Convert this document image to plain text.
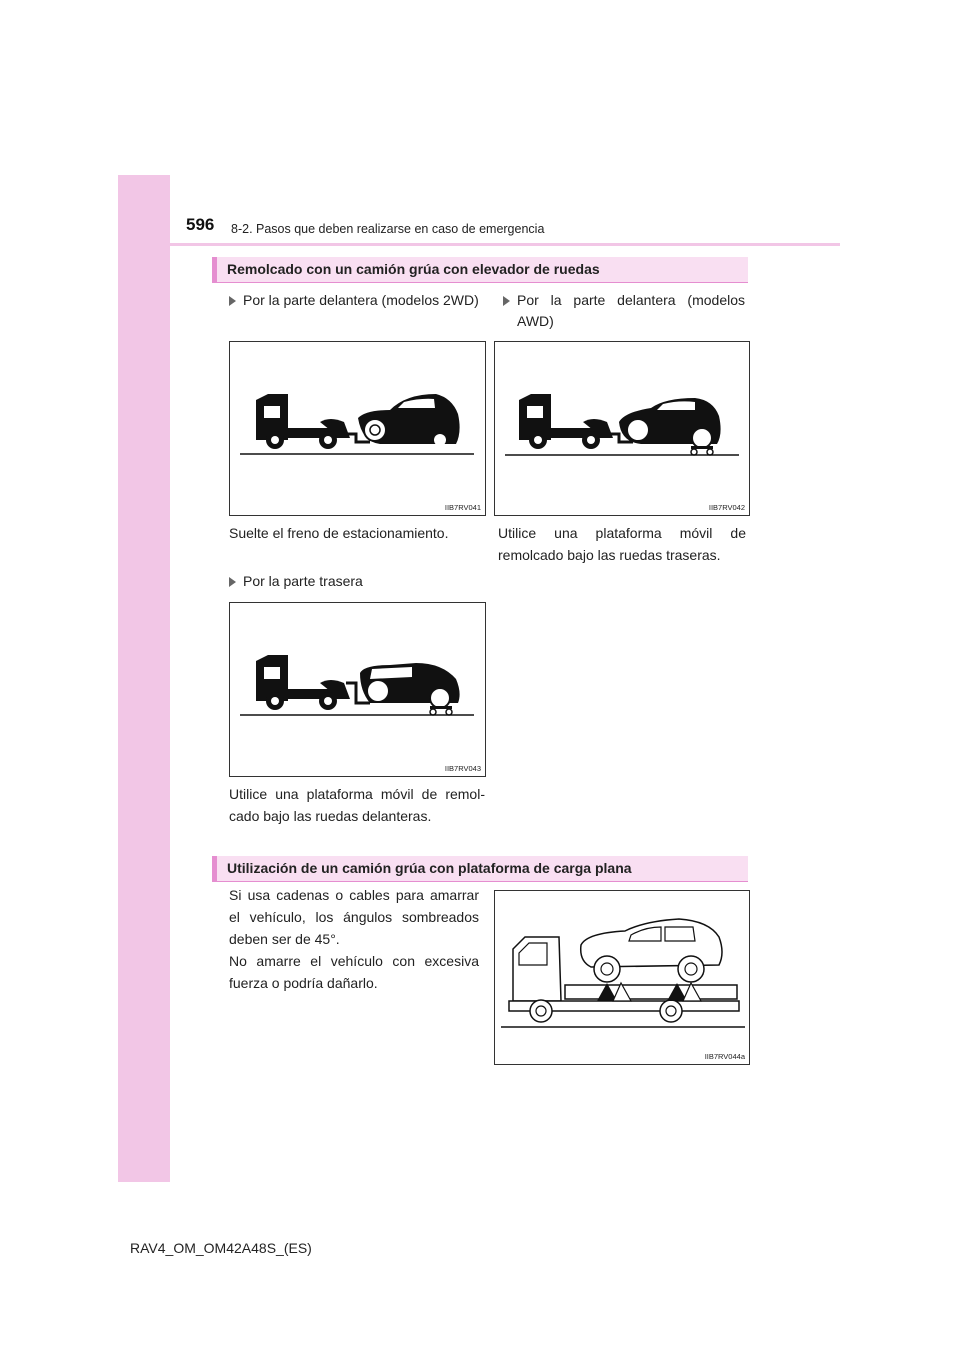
596 8-2. Pasos que deben realizarse en caso de emergencia
Remolcado con un camión grúa con elevador de ruedas
Por la parte delantera (modelos 2WD)	Por la parte delantera (modelos AWD)
IIB7RV041	IIB7RV042
Suelte el freno de estacionamiento.	Utilice una plataforma móvil de remolcado bajo las ruedas traseras.
Por la parte trasera
IIB7RV043
Utilice una plataforma móvil de remol-cado bajo las ruedas delanteras.
Utilización de un camión grúa con plataforma de carga plana
Si usa cadenas o cables para amarrar el vehículo, los ángulos sombreados deben ser de 45°.
No amarre el vehículo con excesiva fuerza o podría dañarlo.
IIB7RV044a
RAV4_OM_OM42A48S_(ES)
